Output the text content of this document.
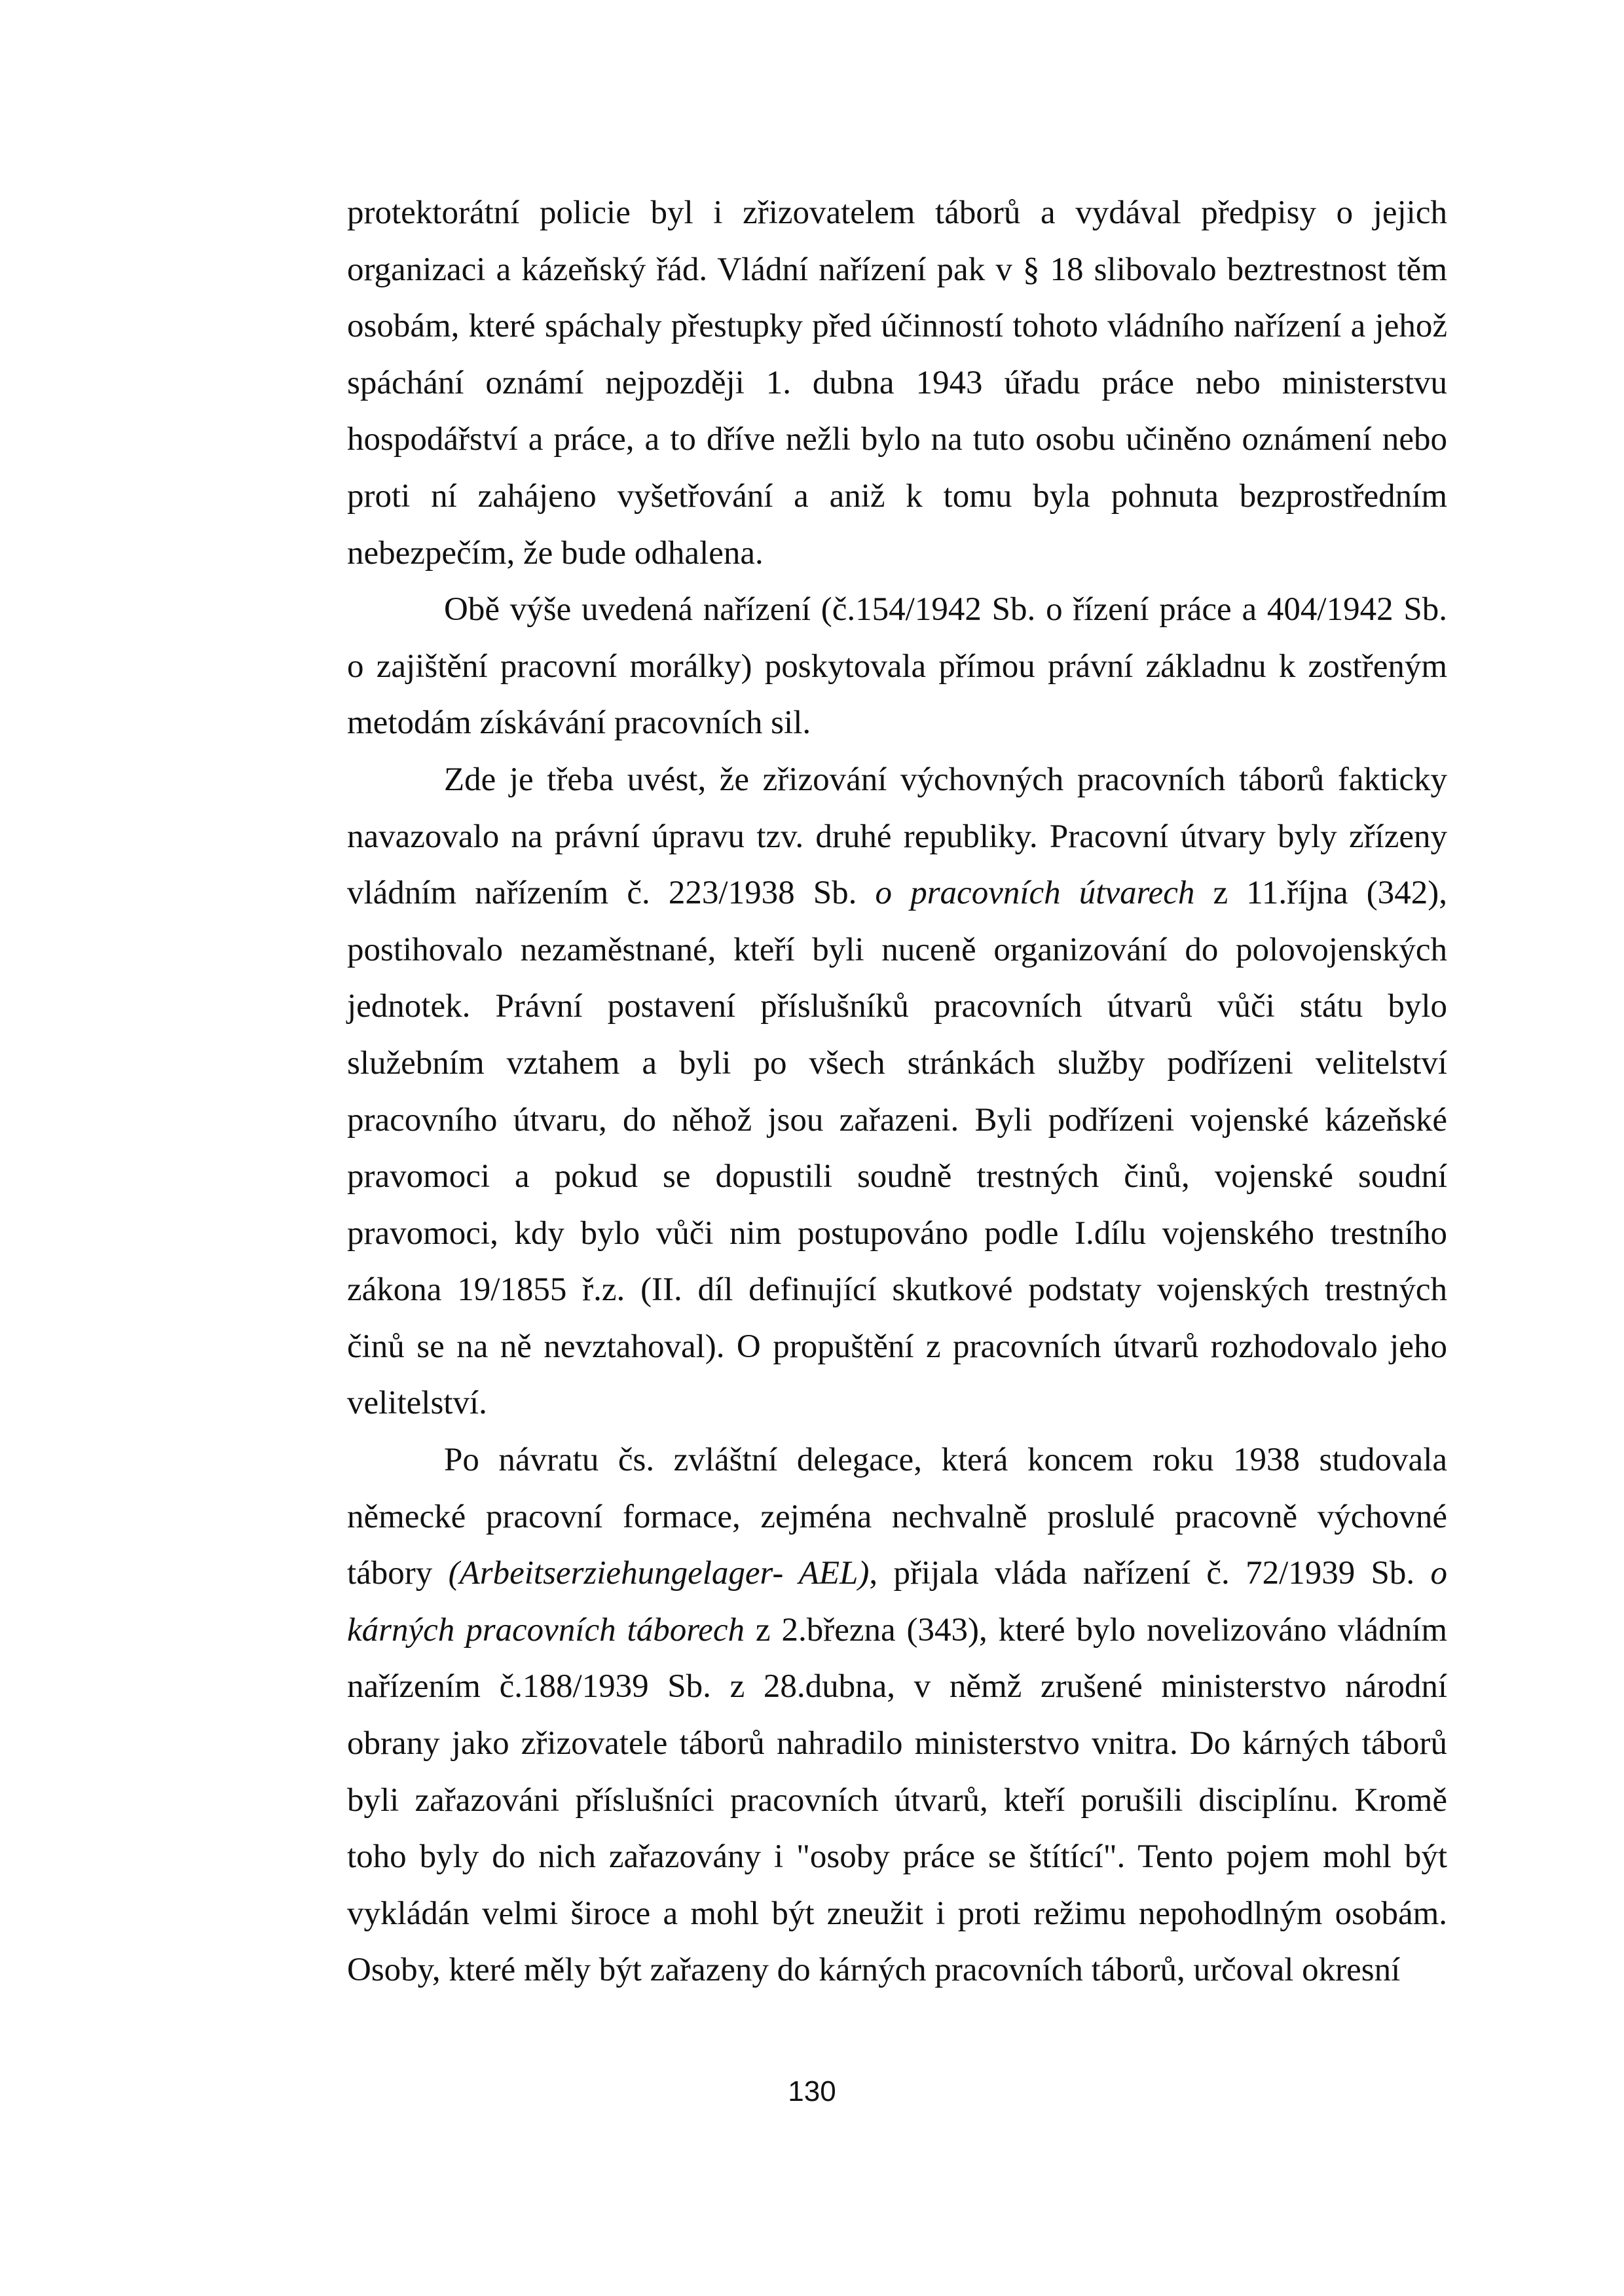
protektorátní policie byl i zřizovatelem táborů a vydával předpisy o jejich organizaci a kázeňský řád. Vládní nařízení pak v § 18 slibovalo beztrestnost těm osobám, které spáchaly přestupky před účinností tohoto vládního nařízení a jehož spáchání oznámí nejpozději 1. dubna 1943 úřadu práce nebo ministerstvu hospodářství a práce, a to dříve nežli bylo na tuto osobu učiněno oznámení nebo proti ní zahájeno vyšetřování a aniž k tomu byla pohnuta bezprostředním nebezpečím, že bude odhalena.

Obě výše uvedená nařízení (č.154/1942 Sb. o řízení práce a 404/1942 Sb. o zajištění pracovní morálky) poskytovala přímou právní základnu k zostřeným metodám získávání pracovních sil.

Zde je třeba uvést, že zřizování výchovných pracovních táborů fakticky navazovalo na právní úpravu tzv. druhé republiky. Pracovní útvary byly zřízeny vládním nařízením č. 223/1938 Sb. o pracovních útvarech z 11.října (342), postihovalo nezaměstnané, kteří byli nuceně organizování do polovojenských jednotek. Právní postavení příslušníků pracovních útvarů vůči státu bylo služebním vztahem a byli po všech stránkách služby podřízeni velitelství pracovního útvaru, do něhož jsou zařazeni. Byli podřízeni vojenské kázeňské pravomoci a pokud se dopustili soudně trestných činů, vojenské soudní pravomoci, kdy bylo vůči nim postupováno podle I.dílu vojenského trestního zákona 19/1855 ř.z. (II. díl definující skutkové podstaty vojenských trestných činů se na ně nevztahoval). O propuštění z pracovních útvarů rozhodovalo jeho velitelství.

Po návratu čs. zvláštní delegace, která koncem roku 1938 studovala německé pracovní formace, zejména nechvalně proslulé pracovně výchovné tábory (Arbeitserziehungelager- AEL), přijala vláda nařízení č. 72/1939 Sb. o kárných pracovních táborech z 2.března (343), které bylo novelizováno vládním nařízením č.188/1939 Sb. z 28.dubna, v němž zrušené ministerstvo národní obrany jako zřizovatele táborů nahradilo ministerstvo vnitra. Do kárných táborů byli zařazováni příslušníci pracovních útvarů, kteří porušili disciplínu. Kromě toho byly do nich zařazovány i "osoby práce se štítící". Tento pojem mohl být vykládán velmi široce a mohl být zneužit i proti režimu nepohodlným osobám. Osoby, které měly být zařazeny do kárných pracovních táborů, určoval okresní

130
